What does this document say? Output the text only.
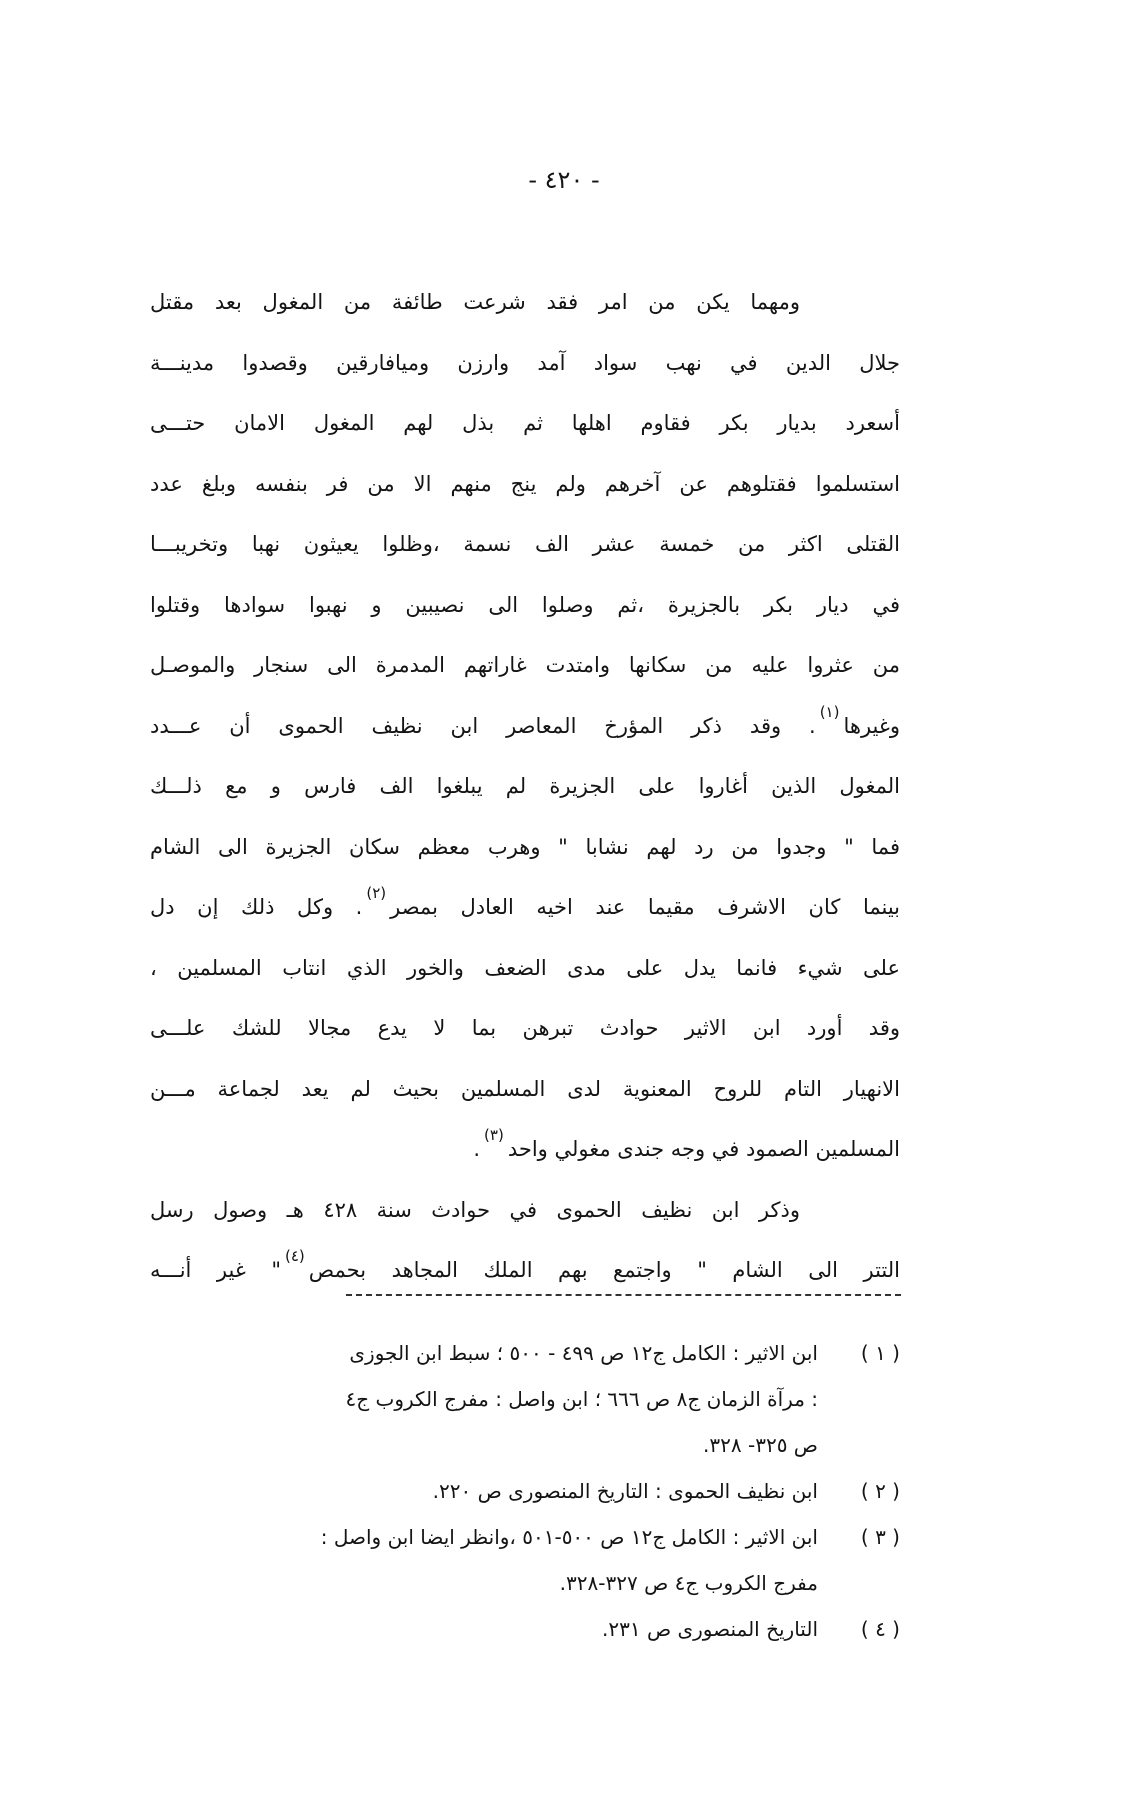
- ٤٢٠ -
ومهما يكن من امر فقد شرعت طائفة من المغول بعد مقتل
جلال الدين في نهب سواد آمد وارزن وميافارقين وقصدوا مدينـــة
أسعرد بديار بكر فقاوم اهلها ثم بذل لهم المغول الامان حتـــى
استسلموا فقتلوهم عن آخرهم ولم ينج منهم الا من فر بنفسه وبلغ عدد
القتلى اكثر من خمسة عشر الف نسمة ،وظلوا يعيثون نهبا وتخريبـــا
في ديار بكر بالجزيرة ،ثم وصلوا الى نصيبين و نهبوا سوادها وقتلوا
من عثروا عليه من سكانها وامتدت غاراتهم المدمرة الى سنجار والموصـل
وغيرها$^{(١)}$. وقد ذكر المؤرخ المعاصر ابن نظيف الحموى أن عـــدد
المغول الذين أغاروا على الجزيرة لم يبلغوا الف فارس و مع ذلـــك
فما " وجدوا من رد لهم نشابا " وهرب معظم سكان الجزيرة الى الشام
بينما كان الاشرف مقيما عند اخيه العادل بمصر$^{(٢)}$. وكل ذلك إن دل
على شيء فانما يدل على مدى الضعف والخور الذي انتاب المسلمين ،
وقد أورد ابن الاثير حوادث تبرهن بما لا يدع مجالا للشك علـــى
الانهيار التام للروح المعنوية لدى المسلمين بحيث لم يعد لجماعة مـــن
المسلمين الصمود في وجه جندى مغولي واحد$^{(٣)}$.
وذكر ابن نظيف الحموى في حوادث سنة ٤٢٨ هـ وصول رسل
التتر الى الشام " واجتمع بهم الملك المجاهد بحمص$^{(٤)}$" غير أنـــه
( ١ )
ابن الاثير : الكامل ج١٢ ص ٤٩٩ - ٥٠٠ ؛ سبط ابن الجوزى
: مرآة الزمان ج٨ ص ٦٦٦ ؛ ابن واصل : مفرج الكروب ج٤
ص ٣٢٥- ٣٢٨.
( ٢ )
ابن نظيف الحموى : التاريخ المنصورى ص ٢٢٠.
( ٣ )
ابن الاثير : الكامل ج١٢ ص ٥٠٠-٥٠١ ،وانظر ايضا ابن واصل :
مفرج الكروب ج٤ ص ٣٢٧-٣٢٨.
( ٤ )
التاريخ المنصورى ص ٢٣١.
